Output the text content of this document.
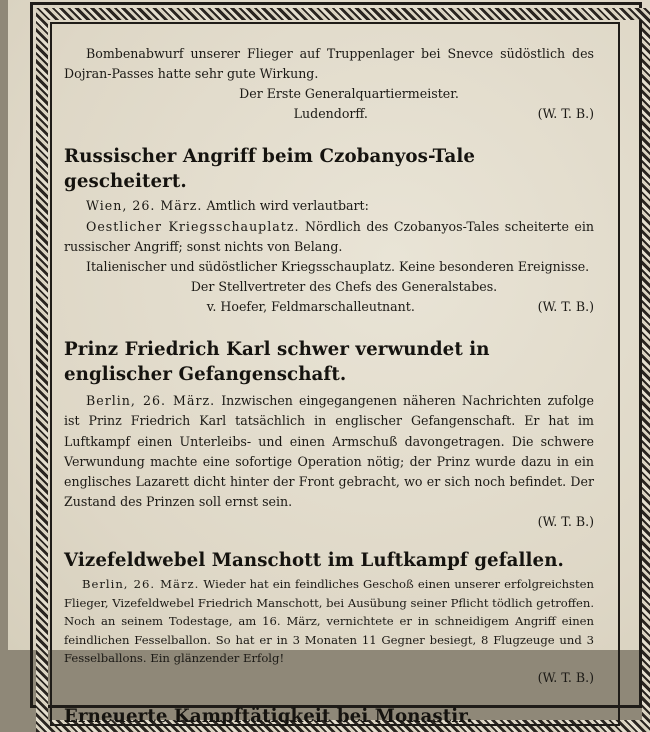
Bombenabwurf unserer Flieger auf Truppenlager bei Snevce südöstlich des Dojran-Passes hatte sehr gute Wirkung.

Der Erste Generalquartiermeister.

Ludendorff.	(W. T. B.)
Russischer Angriff beim Czobanyos-Tale gescheitert.

Wien, 26. März. Amtlich wird verlautbart:

Oestlicher Kriegsschauplatz. Nördlich des Czobanyos-Tales scheiterte ein russischer Angriff; sonst nichts von Belang.

Italienischer und südöstlicher Kriegsschauplatz. Keine besonderen Ereignisse.

Der Stellvertreter des Chefs des Generalstabes.

v. Hoefer, Feldmarschalleutnant.	(W. T. B.)
Prinz Friedrich Karl schwer verwundet in englischer Gefangenschaft.

Berlin, 26. März. Inzwischen eingegangenen näheren Nachrichten zufolge ist Prinz Friedrich Karl tatsächlich in englischer Gefangenschaft. Er hat im Luftkampf einen Unterleibs- und einen Armschuß davongetragen. Die schwere Verwundung machte eine sofortige Operation nötig; der Prinz wurde dazu in ein englisches Lazarett dicht hinter der Front gebracht, wo er sich noch befindet. Der Zustand des Prinzen soll ernst sein.

(W. T. B.)

Vizefeldwebel Manschott im Luftkampf gefallen.

Berlin, 26. März. Wieder hat ein feindliches Geschoß einen unserer erfolgreichsten Flieger, Vizefeldwebel Friedrich Manschott, bei Ausübung seiner Pflicht tödlich getroffen. Noch an seinem Todestage, am 16. März, vernichtete er in schneidigem Angriff einen feindlichen Fesselballon. So hat er in 3 Monaten 11 Gegner besiegt, 8 Flugzeuge und 3 Fesselballons. Ein glänzender Erfolg!

(W. T. B.)

Erneuerte Kampftätigkeit bei Monastir.
